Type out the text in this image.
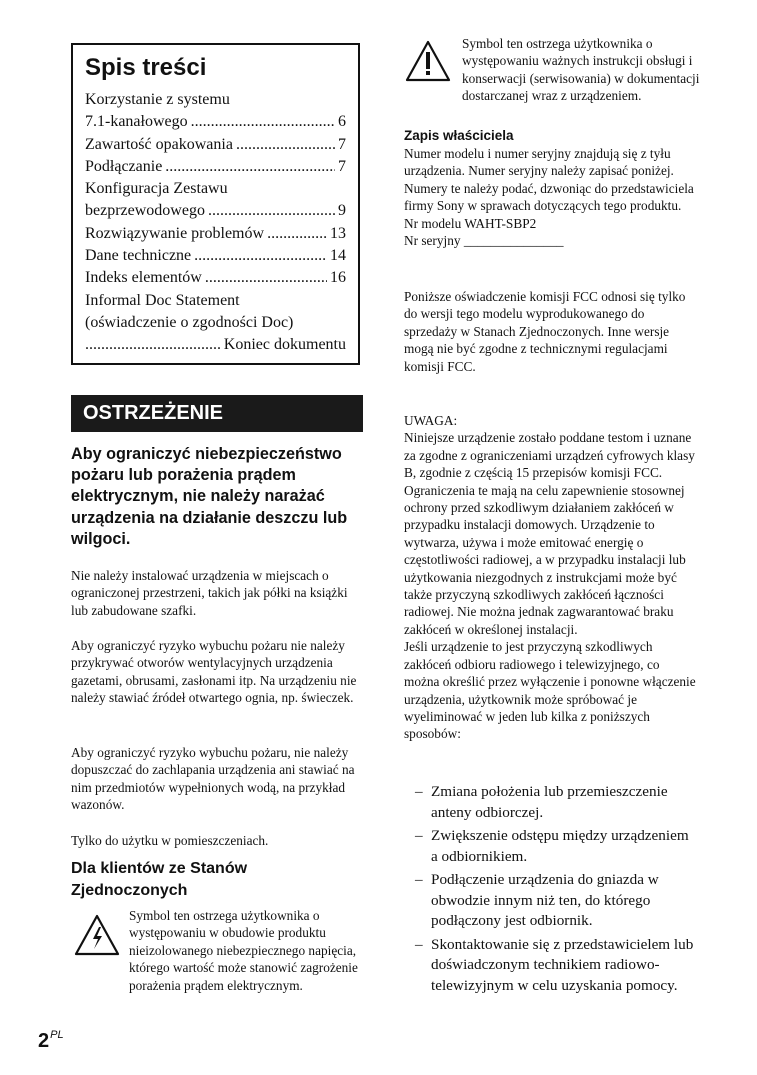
Spis treści
Korzystanie z systemu
7.1-kanałowego .....	6
Zawartość opakowania .....	7
Podłączanie .....	7
Konfiguracja Zestawu
bezprzewodowego .....	9
Rozwiązywanie problemów .....	13
Dane techniczne .....	14
Indeks elementów .....	16
Informal Doc Statement
(oświadczenie o zgodności Doc)
.....
Koniec dokumentu
OSTRZEŻENIE

Aby ograniczyć niebezpieczeństwo pożaru lub porażenia prądem elektrycznym, nie należy narażać urządzenia na działanie deszczu lub wilgoci.

Nie należy instalować urządzenia w miejscach o ograniczonej przestrzeni, takich jak półki na książki lub zabudowane szafki.

Aby ograniczyć ryzyko wybuchu pożaru nie należy przykrywać otworów wentylacyjnych urządzenia gazetami, obrusami, zasłonami itp. Na urządzeniu nie należy stawiać źródeł otwartego ognia, np. świeczek.

Aby ograniczyć ryzyko wybuchu pożaru, nie należy dopuszczać do zachlapania urządzenia ani stawiać na nim przedmiotów wypełnionych wodą, na przykład wazonów.

Tylko do użytku w pomieszczeniach.

Dla klientów ze Stanów Zjednoczonych

Symbol ten ostrzega użytkownika o występowaniu w obudowie produktu nieizolowanego niebezpiecznego napięcia, którego wartość może stanowić zagrożenie porażenia prądem elektrycznym.

Symbol ten ostrzega użytkownika o występowaniu ważnych instrukcji obsługi i konserwacji (serwisowania) w dokumentacji dostarczanej wraz z urządzeniem.

Zapis właściciela
Numer modelu i numer seryjny znajdują się z tyłu urządzenia. Numer seryjny należy zapisać poniżej. Numery te należy podać, dzwoniąc do przedstawiciela firmy Sony w sprawach dotyczących tego produktu.

Nr modelu WAHT-SBP2
Nr seryjny _______________

Poniższe oświadczenie komisji FCC odnosi się tylko do wersji tego modelu wyprodukowanego do sprzedaży w Stanach Zjednoczonych. Inne wersje mogą nie być zgodne z technicznymi regulacjami komisji FCC.

UWAGA:
Niniejsze urządzenie zostało poddane testom i uznane za zgodne z ograniczeniami urządzeń cyfrowych klasy B, zgodnie z częścią 15 przepisów komisji FCC. Ograniczenia te mają na celu zapewnienie stosownej ochrony przed szkodliwym działaniem zakłóceń w przypadku instalacji domowych. Urządzenie to wytwarza, używa i może emitować energię o częstotliwości radiowej, a w przypadku instalacji lub użytkowania niezgodnych z instrukcjami może być także przyczyną szkodliwych zakłóceń łączności radiowej. Nie można jednak zagwarantować braku zakłóceń w określonej instalacji.
Jeśli urządzenie to jest przyczyną szkodliwych zakłóceń odbioru radiowego i telewizyjnego, co można określić przez wyłączenie i ponowne włączenie urządzenia, użytkownik może spróbować je wyeliminować w jeden lub kilka z poniższych sposobów:
– Zmiana położenia lub przemieszczenie anteny odbiorczej.
– Zwiększenie odstępu między urządzeniem a odbiornikiem.
– Podłączenie urządzenia do gniazda w obwodzie innym niż ten, do którego podłączony jest odbiornik.
– Skontaktowanie się z przedstawicielem lub doświadczonym technikiem radiowo-telewizyjnym w celu uzyskania pomocy.
$2^{PL}$
